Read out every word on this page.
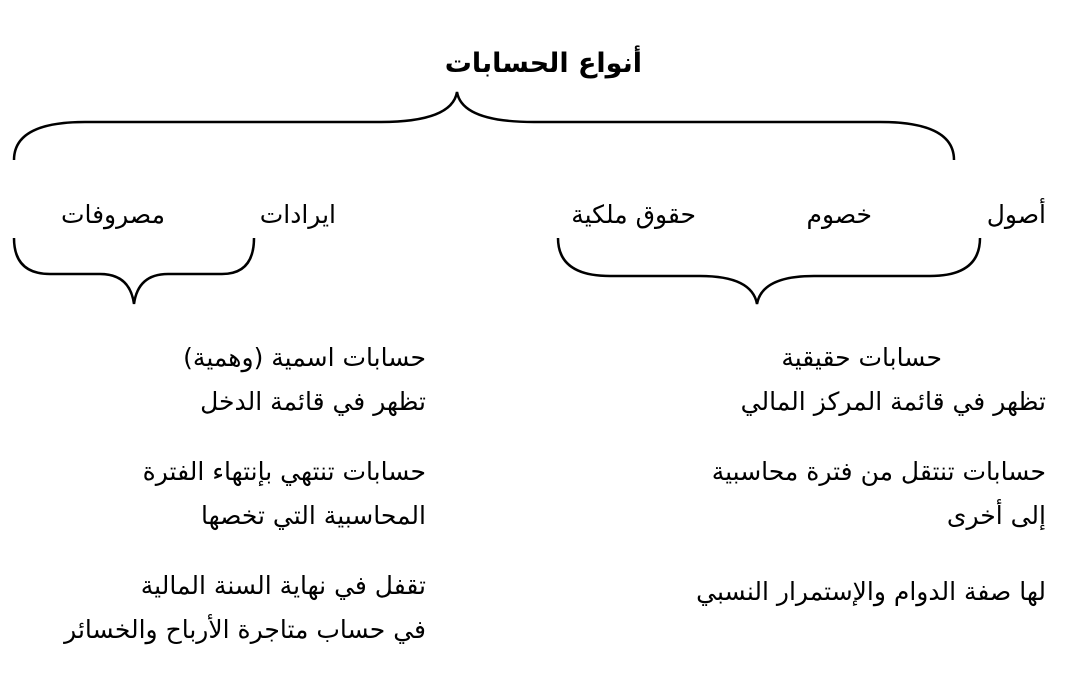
أنواع الحسابات
أصول
خصوم
حقوق ملكية
ايرادات
مصروفات
حسابات حقيقية
تظهر في قائمة المركز المالي
حسابات تنتقل من فترة محاسبية
إلى أخرى
لها صفة الدوام والإستمرار النسبي
حسابات اسمية (وهمية)
تظهر في قائمة الدخل
حسابات تنتهي بإنتهاء الفترة
المحاسبية التي تخصها
تقفل في نهاية السنة المالية
في حساب متاجرة الأرباح والخسائر
